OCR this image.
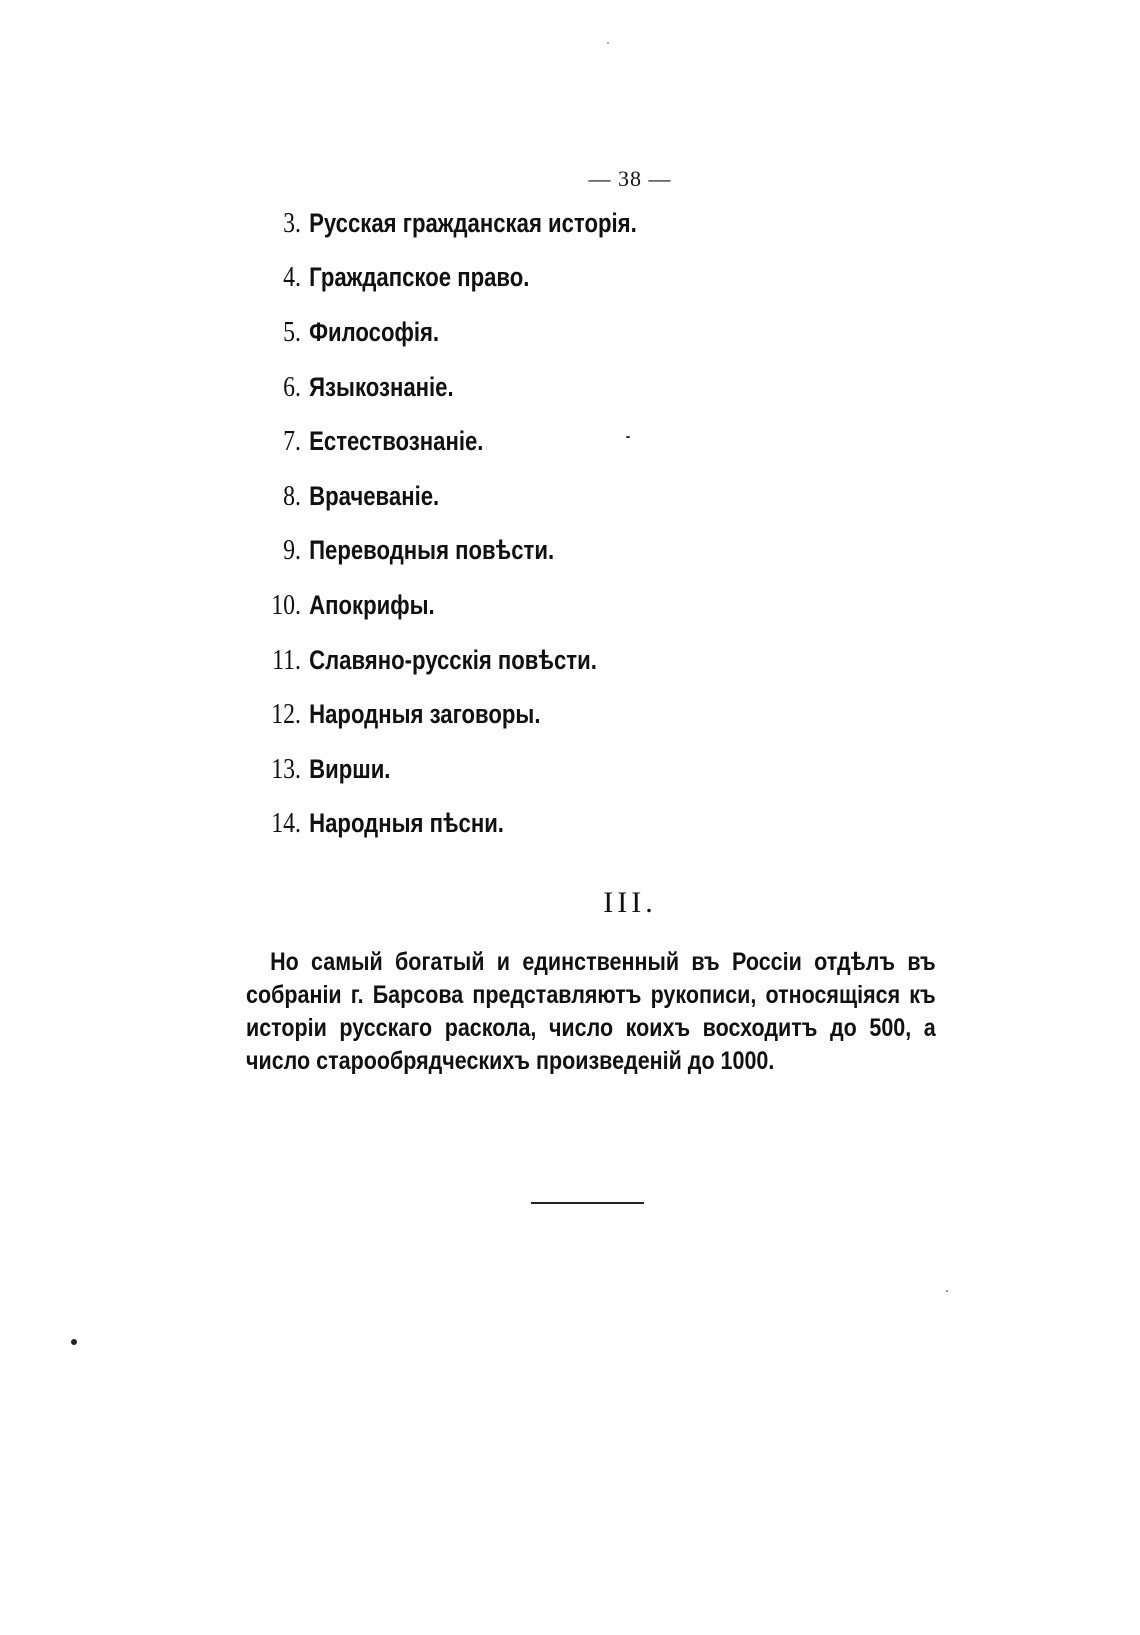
— 38 —
3. Русская гражданская исторія.
4. Граждапское право.
5. Философія.
6. Языкознаніе.
7. Естествознаніе.
8. Врачеваніе.
9. Переводныя повѣсти.
10. Апокрифы.
11. Славяно-русскія повѣсти.
12. Народныя заговоры.
13. Вирши.
14. Народныя пѣсни.
III.

Но самый богатый и единственный въ Россіи отдѣлъ въ собраніи г. Барсова представляютъ рукописи, относящіяся къ исторіи русскаго раскола, число коихъ восходитъ до 500, а число старообрядческихъ произведеній до 1000.
